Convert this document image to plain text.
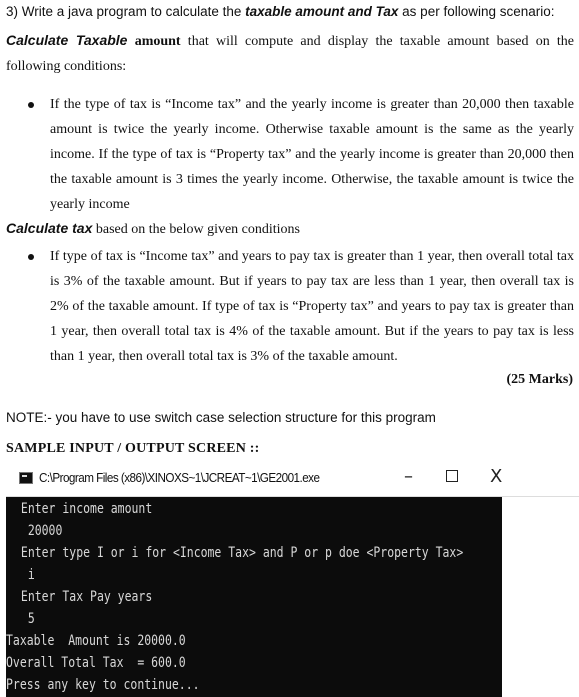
3) Write a java program to calculate the taxable amount and Tax as per following scenario:
Calculate Taxable amount that will compute and display the taxable amount based on the following conditions:
If the type of tax is “Income tax” and the yearly income is greater than 20,000 then taxable amount is twice the yearly income. Otherwise taxable amount is the same as the yearly income. If the type of tax is “Property tax” and the yearly income is greater than 20,000 then the taxable amount is 3 times the yearly income. Otherwise, the taxable amount is twice the yearly income
Calculate tax based on the below given conditions
If type of tax is “Income tax” and years to pay tax is greater than 1 year, then overall total tax is 3% of the taxable amount. But if years to pay tax are less than 1 year, then overall tax is 2% of the taxable amount. If type of tax is “Property tax” and years to pay tax is greater than 1 year, then overall total tax is 4% of the taxable amount. But if the years to pay tax is less than 1 year, then overall total tax is 3% of the taxable amount.
(25 Marks)
NOTE:- you have to use switch case selection structure for this program
SAMPLE INPUT / OUTPUT SCREEN ::
C:\Program Files (x86)\XINOXS~1\JCREAT~1\GE2001.exe	–	X
Enter income amount
20000
Enter type I or i for <Income Tax> and P or p doe <Property Tax>
i
Enter Tax Pay years
5
Taxable  Amount is 20000.0
Overall Total Tax  = 600.0
Press any key to continue...
